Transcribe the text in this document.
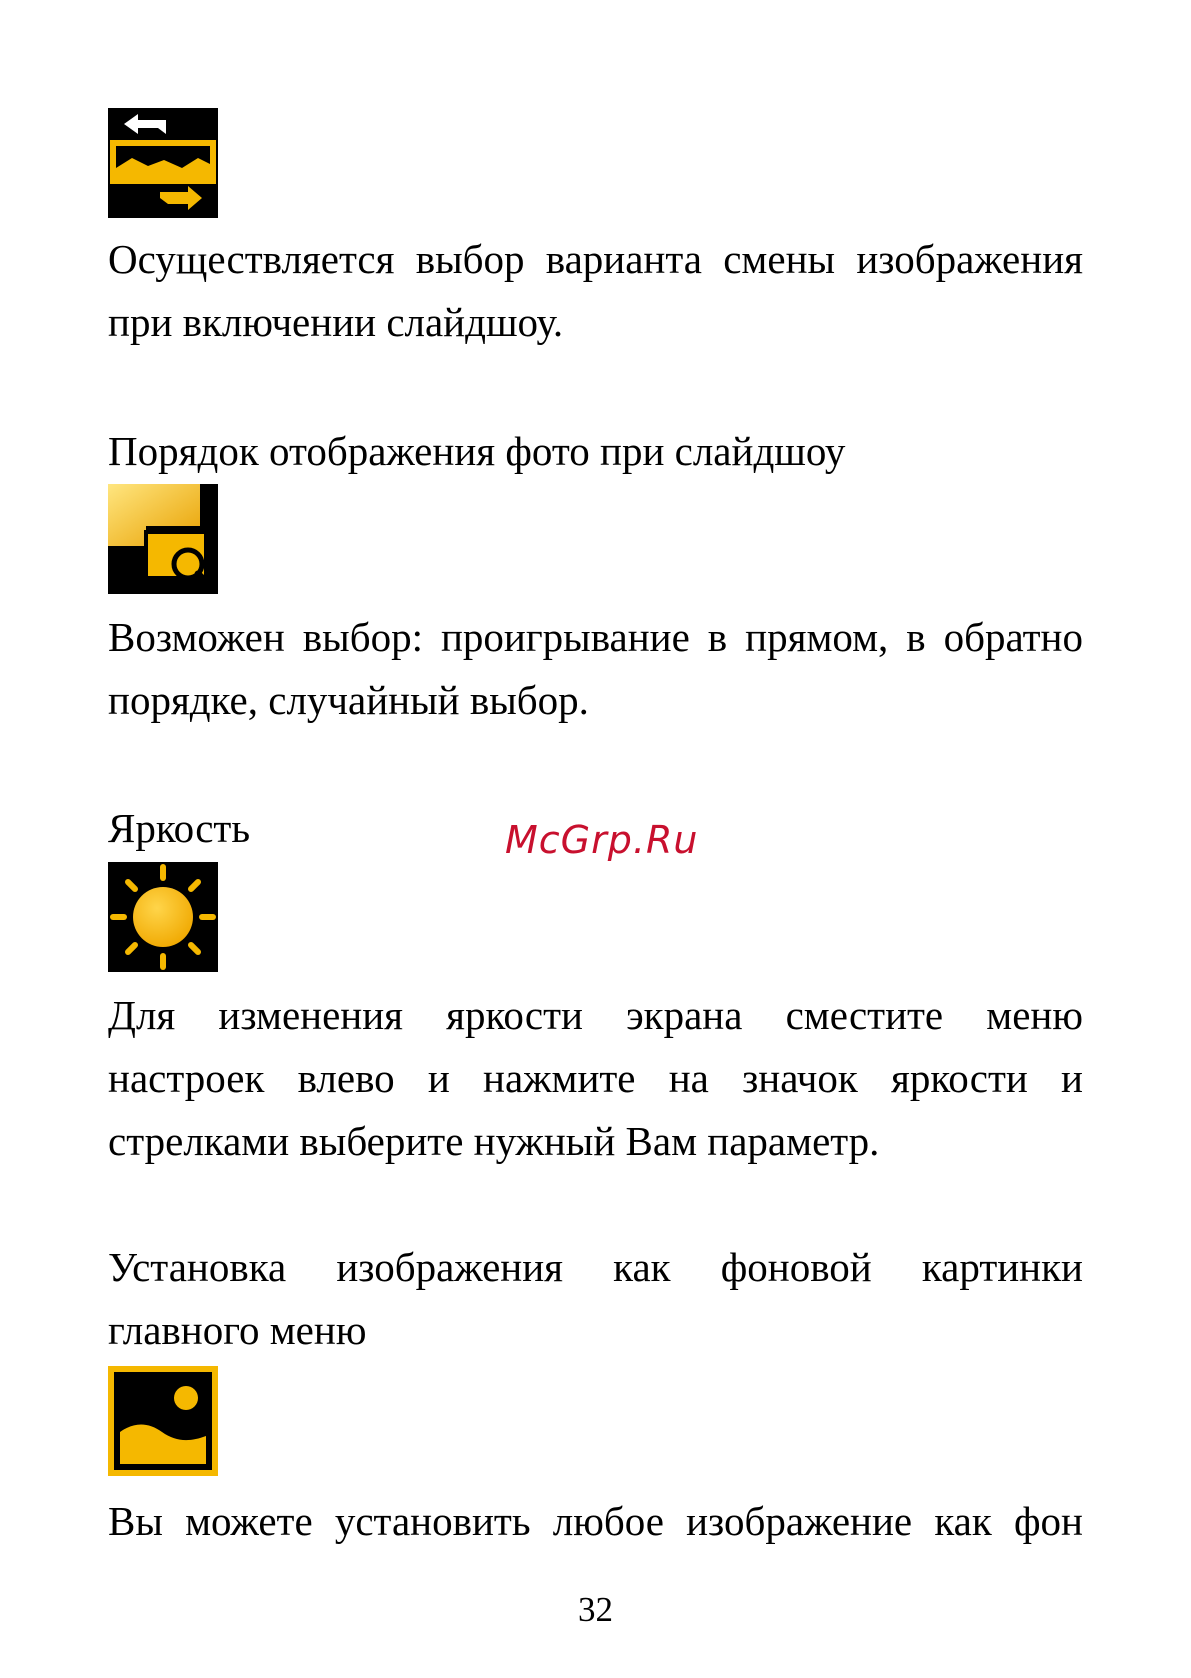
Осуществляется выбор варианта смены изображения
при включении слайдшоу.
Порядок отображения фото при слайдшоу
Возможен выбор: проигрывание в прямом, в обратно
порядке, случайный выбор.
Яркость	McGrp.Ru
Для изменения яркости экрана сместите меню
настроек влево и нажмите на значок яркости и
стрелками выберите нужный Вам параметр.
Установка изображения как фоновой картинки
главного меню
Вы можете установить любое изображение как фон
32
